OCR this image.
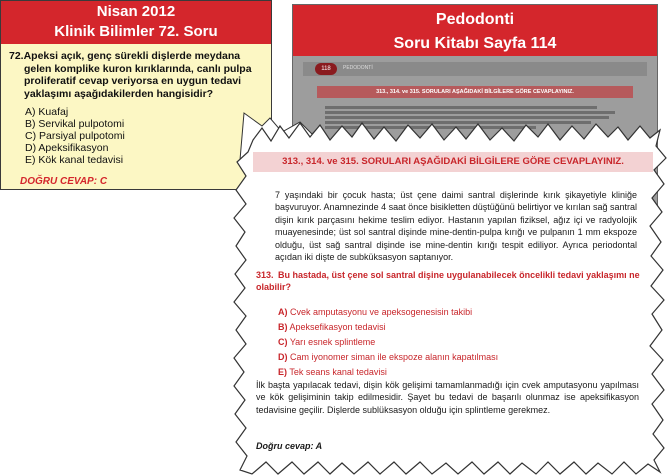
Nisan 2012
Klinik Bilimler 72. Soru
72.Apeksi açık, genç sürekli dişlerde meydana gelen komplike kuron kırıklarında, canlı pulpa proliferatif cevap veriyorsa en uygun tedavi yaklaşımı aşağıdakilerden hangisidir?
A) Kuafaj
B) Servikal pulpotomi
C) Parsiyal pulpotomi
D) Apeksifikasyon
E) Kök kanal tedavisi
DOĞRU CEVAP: C
Pedodonti
Soru Kitabı Sayfa 114
118	PEDODONTİ
313., 314. ve 315. SORULARI AŞAĞIDAKİ BİLGİLERE GÖRE CEVAPLAYINIZ.
313., 314. ve 315. SORULARI AŞAĞIDAKİ BİLGİLERE GÖRE CEVAPLAYINIZ.
7 yaşındaki bir çocuk hasta; üst çene daimi santral dişlerinde kırık şikayetiyle kliniğe başvuruyor. Anamnezinde 4 saat önce bisikletten düştüğünü belirtiyor ve kırılan sağ santral dişin kırık parçasını hekime teslim ediyor. Hastanın yapılan fiziksel, ağız içi ve radyolojik muayenesinde; üst sol santral dişinde mine-dentin-pulpa kırığı ve pulpanın 1 mm ekspoze olduğu, üst sağ santral dişinde ise mine-dentin kırığı tespit ediliyor. Ayrıca periodontal açıdan iki dişte de subküksasyon saptanıyor.
313. Bu hastada, üst çene sol santral dişine uygulanabilecek öncelikli tedavi yaklaşımı ne olabilir?
A) Cvek amputasyonu ve apeksogenesisin takibi
B) Apeksefikasyon tedavisi
C) Yarı esnek splintleme
D) Cam iyonomer siman ile ekspoze alanın kapatılması
E) Tek seans kanal tedavisi
İlk başta yapılacak tedavi, dişin kök gelişimi tamamlanmadığı için cvek amputasyonu yapılması ve kök gelişiminin takip edilmesidir. Şayet bu tedavi de başarılı olunmaz ise apeksifikasyon tedavisine geçilir. Dişlerde sublüksasyon olduğu için splintleme gerekmez.
Doğru cevap: A
